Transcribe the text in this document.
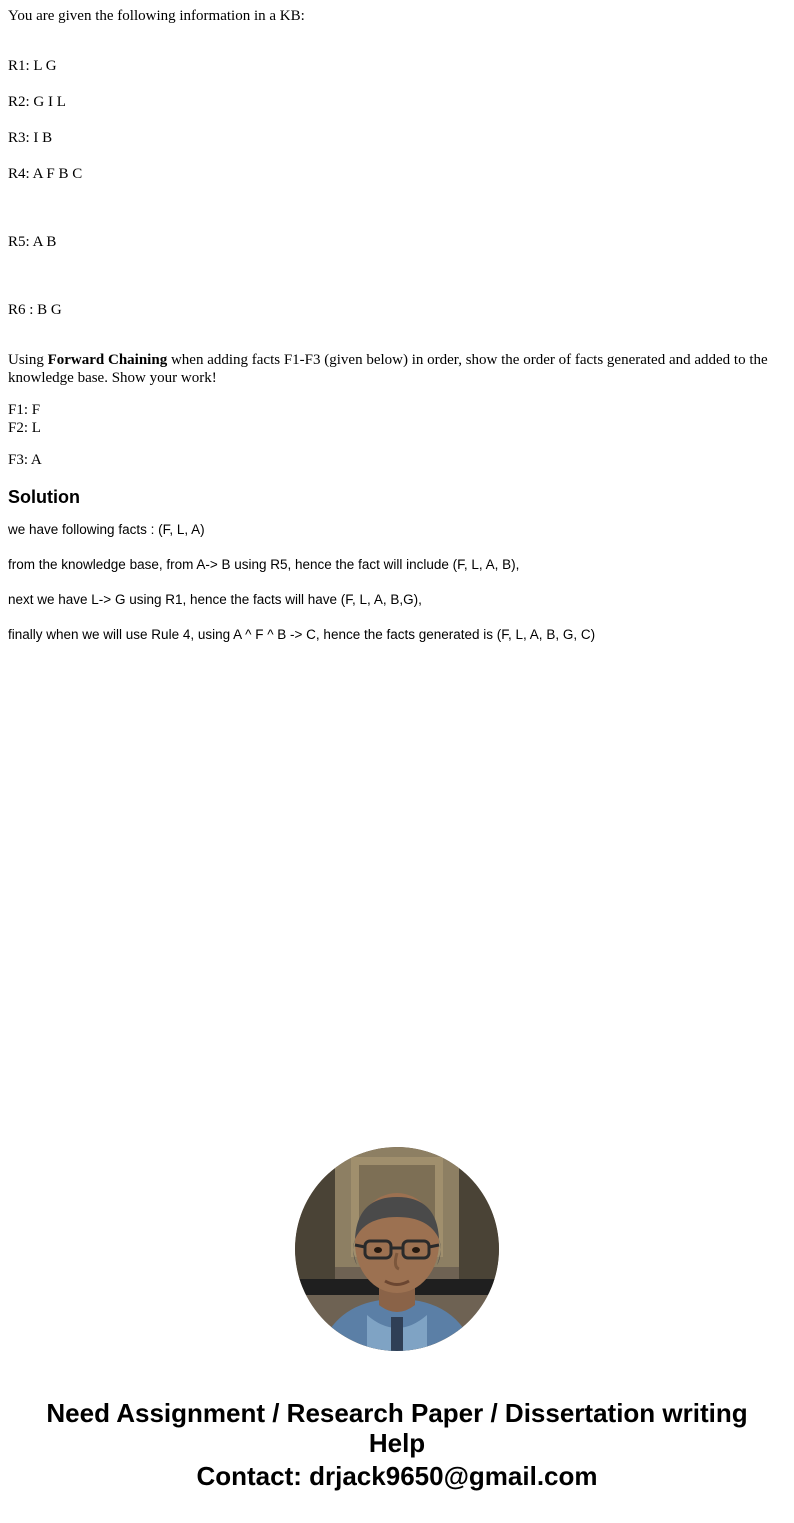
You are given the following information in a KB:

R1: L G

R2: G I L

R3: I B

R4: A F B C

R5: A B

R6 : B G

Using Forward Chaining when adding facts F1-F3 (given below) in order, show the order of facts generated and added to the knowledge base. Show your work!

F1: F
F2: L
F3: A
Solution

we have following facts : (F, L, A)

from the knowledge base, from A-> B using R5, hence the fact will include (F, L, A, B),

next we have L-> G using R1, hence the facts will have (F, L, A, B,G),

finally when we will use Rule 4, using A ^ F ^ B -> C, hence the facts generated is (F, L, A, B, G, C)

Need Assignment / Research Paper / Dissertation writing Help
Contact: drjack9650@gmail.com
